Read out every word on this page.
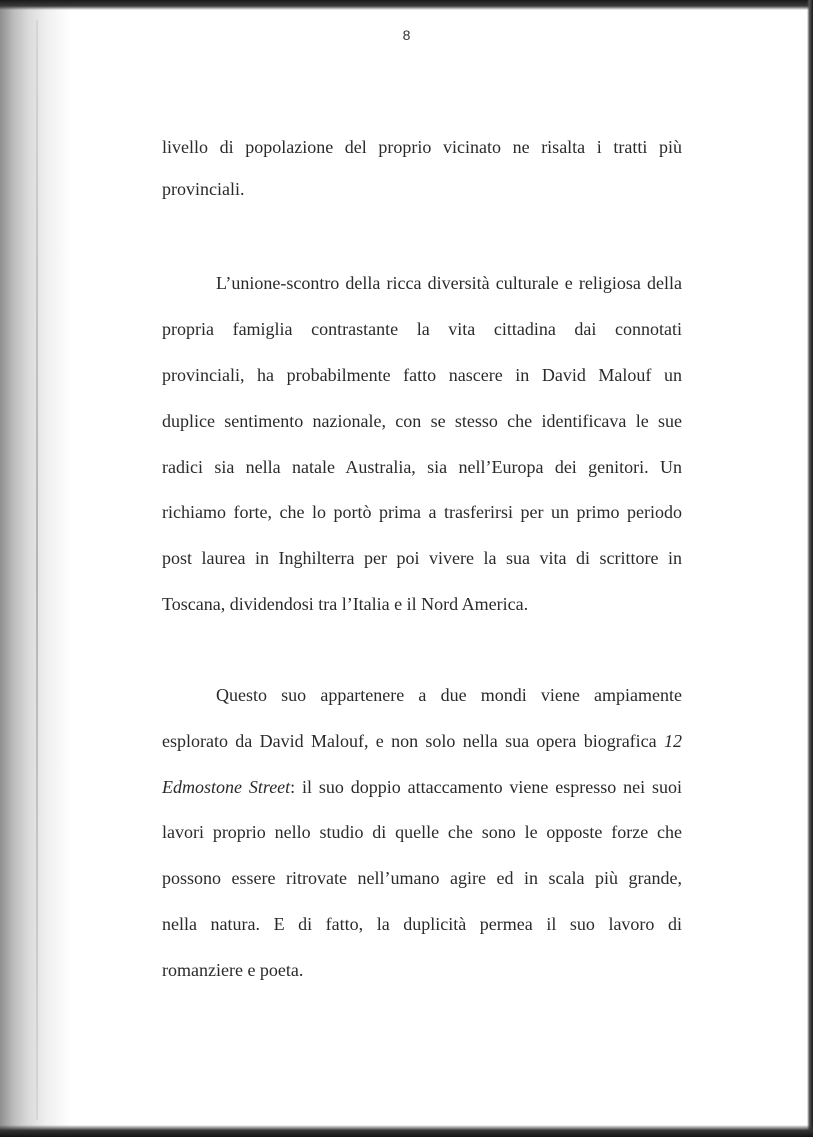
8
livello di popolazione del proprio vicinato ne risalta i tratti più
provinciali.
L’unione-scontro della ricca diversità culturale e religiosa della
propria famiglia contrastante la vita cittadina dai connotati
provinciali, ha probabilmente fatto nascere in David Malouf un
duplice sentimento nazionale, con se stesso che identificava le sue
radici sia nella natale Australia, sia nell’Europa dei genitori. Un
richiamo forte, che lo portò prima a trasferirsi per un primo periodo
post laurea in Inghilterra per poi vivere la sua vita di scrittore in
Toscana, dividendosi tra l’Italia e il Nord America.
Questo suo appartenere a due mondi viene ampiamente
esplorato da David Malouf, e non solo nella sua opera biografica 12
Edmostone Street: il suo doppio attaccamento viene espresso nei suoi
lavori proprio nello studio di quelle che sono le opposte forze che
possono essere ritrovate nell’umano agire ed in scala più grande,
nella natura. E di fatto, la duplicità permea il suo lavoro di
romanziere e poeta.
